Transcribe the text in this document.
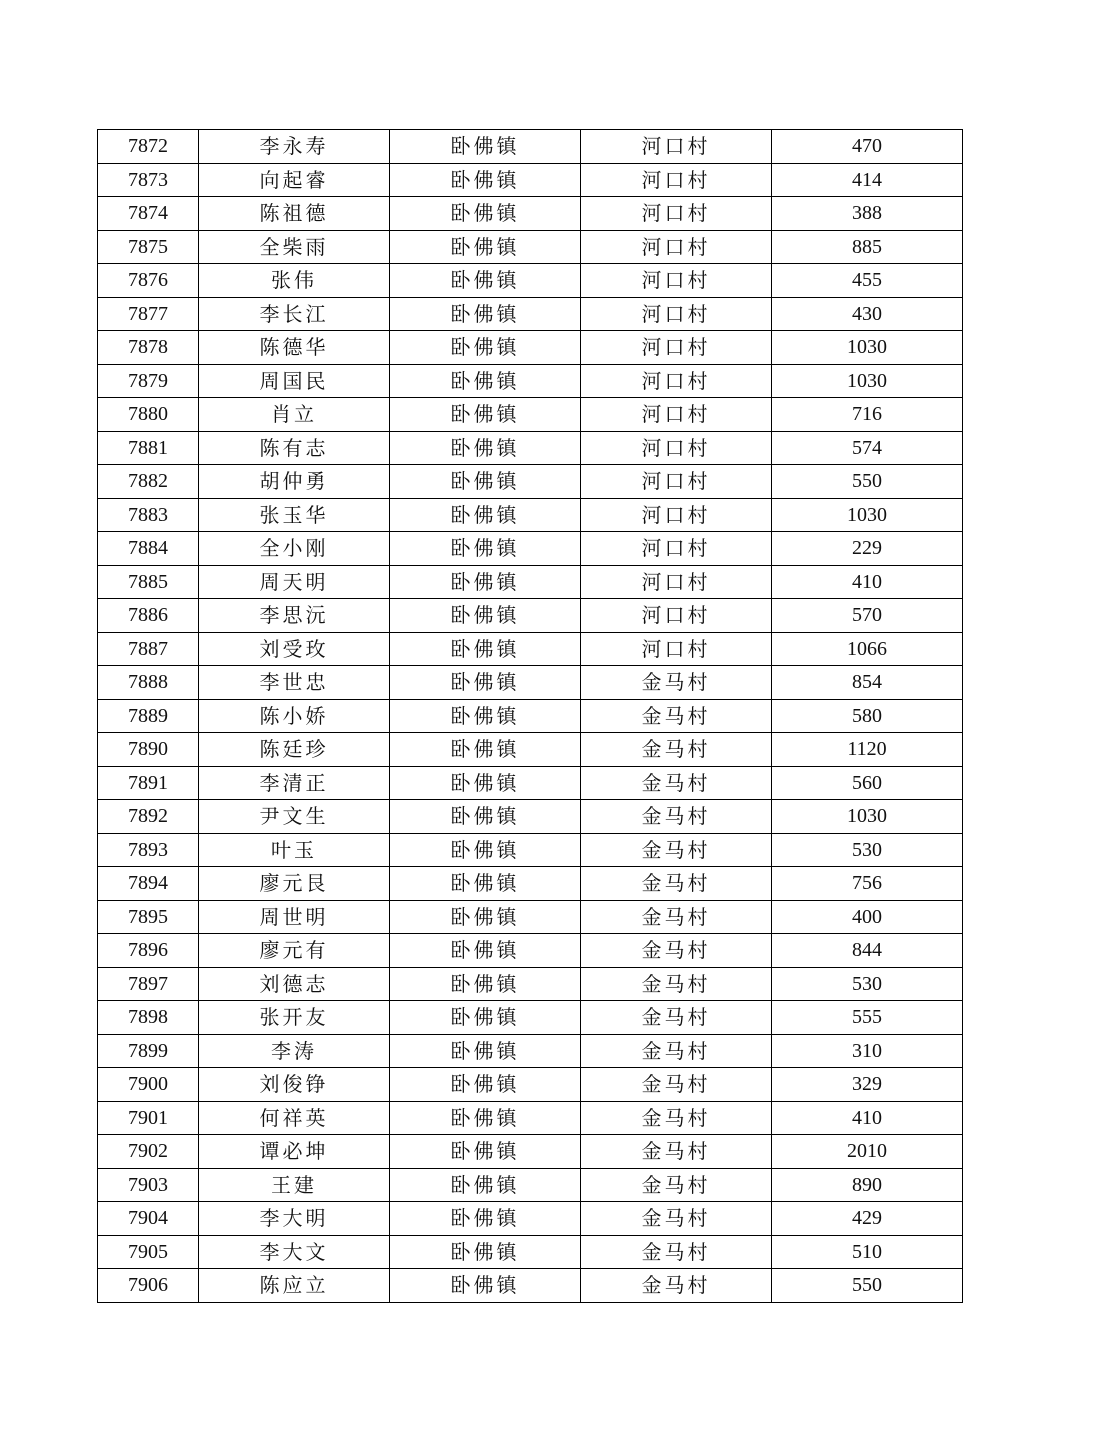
7872	李永寿	卧佛镇	河口村	470
7873	向起睿	卧佛镇	河口村	414
7874	陈祖德	卧佛镇	河口村	388
7875	全柴雨	卧佛镇	河口村	885
7876	张伟	卧佛镇	河口村	455
7877	李长江	卧佛镇	河口村	430
7878	陈德华	卧佛镇	河口村	1030
7879	周国民	卧佛镇	河口村	1030
7880	肖立	卧佛镇	河口村	716
7881	陈有志	卧佛镇	河口村	574
7882	胡仲勇	卧佛镇	河口村	550
7883	张玉华	卧佛镇	河口村	1030
7884	全小刚	卧佛镇	河口村	229
7885	周天明	卧佛镇	河口村	410
7886	李思沅	卧佛镇	河口村	570
7887	刘受玫	卧佛镇	河口村	1066
7888	李世忠	卧佛镇	金马村	854
7889	陈小娇	卧佛镇	金马村	580
7890	陈廷珍	卧佛镇	金马村	1120
7891	李清正	卧佛镇	金马村	560
7892	尹文生	卧佛镇	金马村	1030
7893	叶玉	卧佛镇	金马村	530
7894	廖元艮	卧佛镇	金马村	756
7895	周世明	卧佛镇	金马村	400
7896	廖元有	卧佛镇	金马村	844
7897	刘德志	卧佛镇	金马村	530
7898	张开友	卧佛镇	金马村	555
7899	李涛	卧佛镇	金马村	310
7900	刘俊铮	卧佛镇	金马村	329
7901	何祥英	卧佛镇	金马村	410
7902	谭必坤	卧佛镇	金马村	2010
7903	王建	卧佛镇	金马村	890
7904	李大明	卧佛镇	金马村	429
7905	李大文	卧佛镇	金马村	510
7906	陈应立	卧佛镇	金马村	550
